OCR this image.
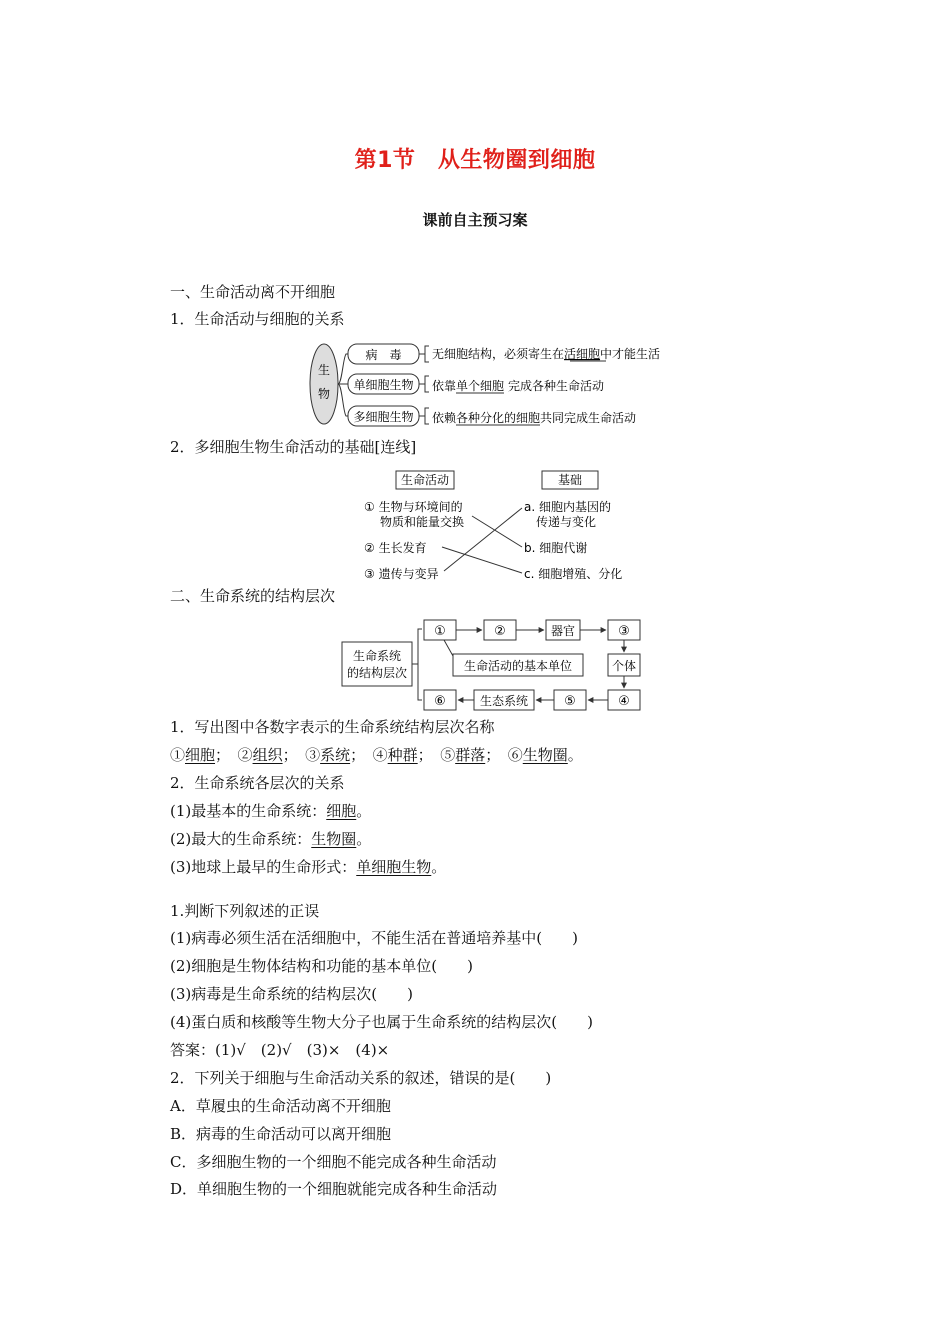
第1节　从生物圈到细胞
课前自主预习案
一、生命活动离不开细胞
1．生命活动与细胞的关系
生
物
病　毒
单细胞生物
多细胞生物
无细胞结构，必须寄生在活细胞中才能生活
依靠单个细胞 完成各种生命活动
依赖各种分化的细胞共同完成生命活动
2．多细胞生物生命活动的基础[连线]
生命活动	基础
① 生物与环境间的
物质和能量交换
② 生长发育
③ 遗传与变异
a. 细胞内基因的
传递与变化
b. 细胞代谢
c. 细胞增殖、分化
二、生命系统的结构层次
生命系统
的结构层次
①	②	器官	③
个体
④
⑤
生态系统
⑥
生命活动的基本单位
1．写出图中各数字表示的生命系统结构层次名称
①细胞；　②组织；　③系统；　④种群；　⑤群落；　⑥生物圈。
2．生命系统各层次的关系
(1)最基本的生命系统：细胞。
(2)最大的生命系统：生物圈。
(3)地球上最早的生命形式：单细胞生物。
1.判断下列叙述的正误
(1)病毒必须生活在活细胞中，不能生活在普通培养基中(　　)
(2)细胞是生物体结构和功能的基本单位(　　)
(3)病毒是生命系统的结构层次(　　)
(4)蛋白质和核酸等生物大分子也属于生命系统的结构层次(　　)
答案：(1)√　(2)√　(3)×　(4)×
2．下列关于细胞与生命活动关系的叙述，错误的是(　　)
A．草履虫的生命活动离不开细胞
B．病毒的生命活动可以离开细胞
C．多细胞生物的一个细胞不能完成各种生命活动
D．单细胞生物的一个细胞就能完成各种生命活动
